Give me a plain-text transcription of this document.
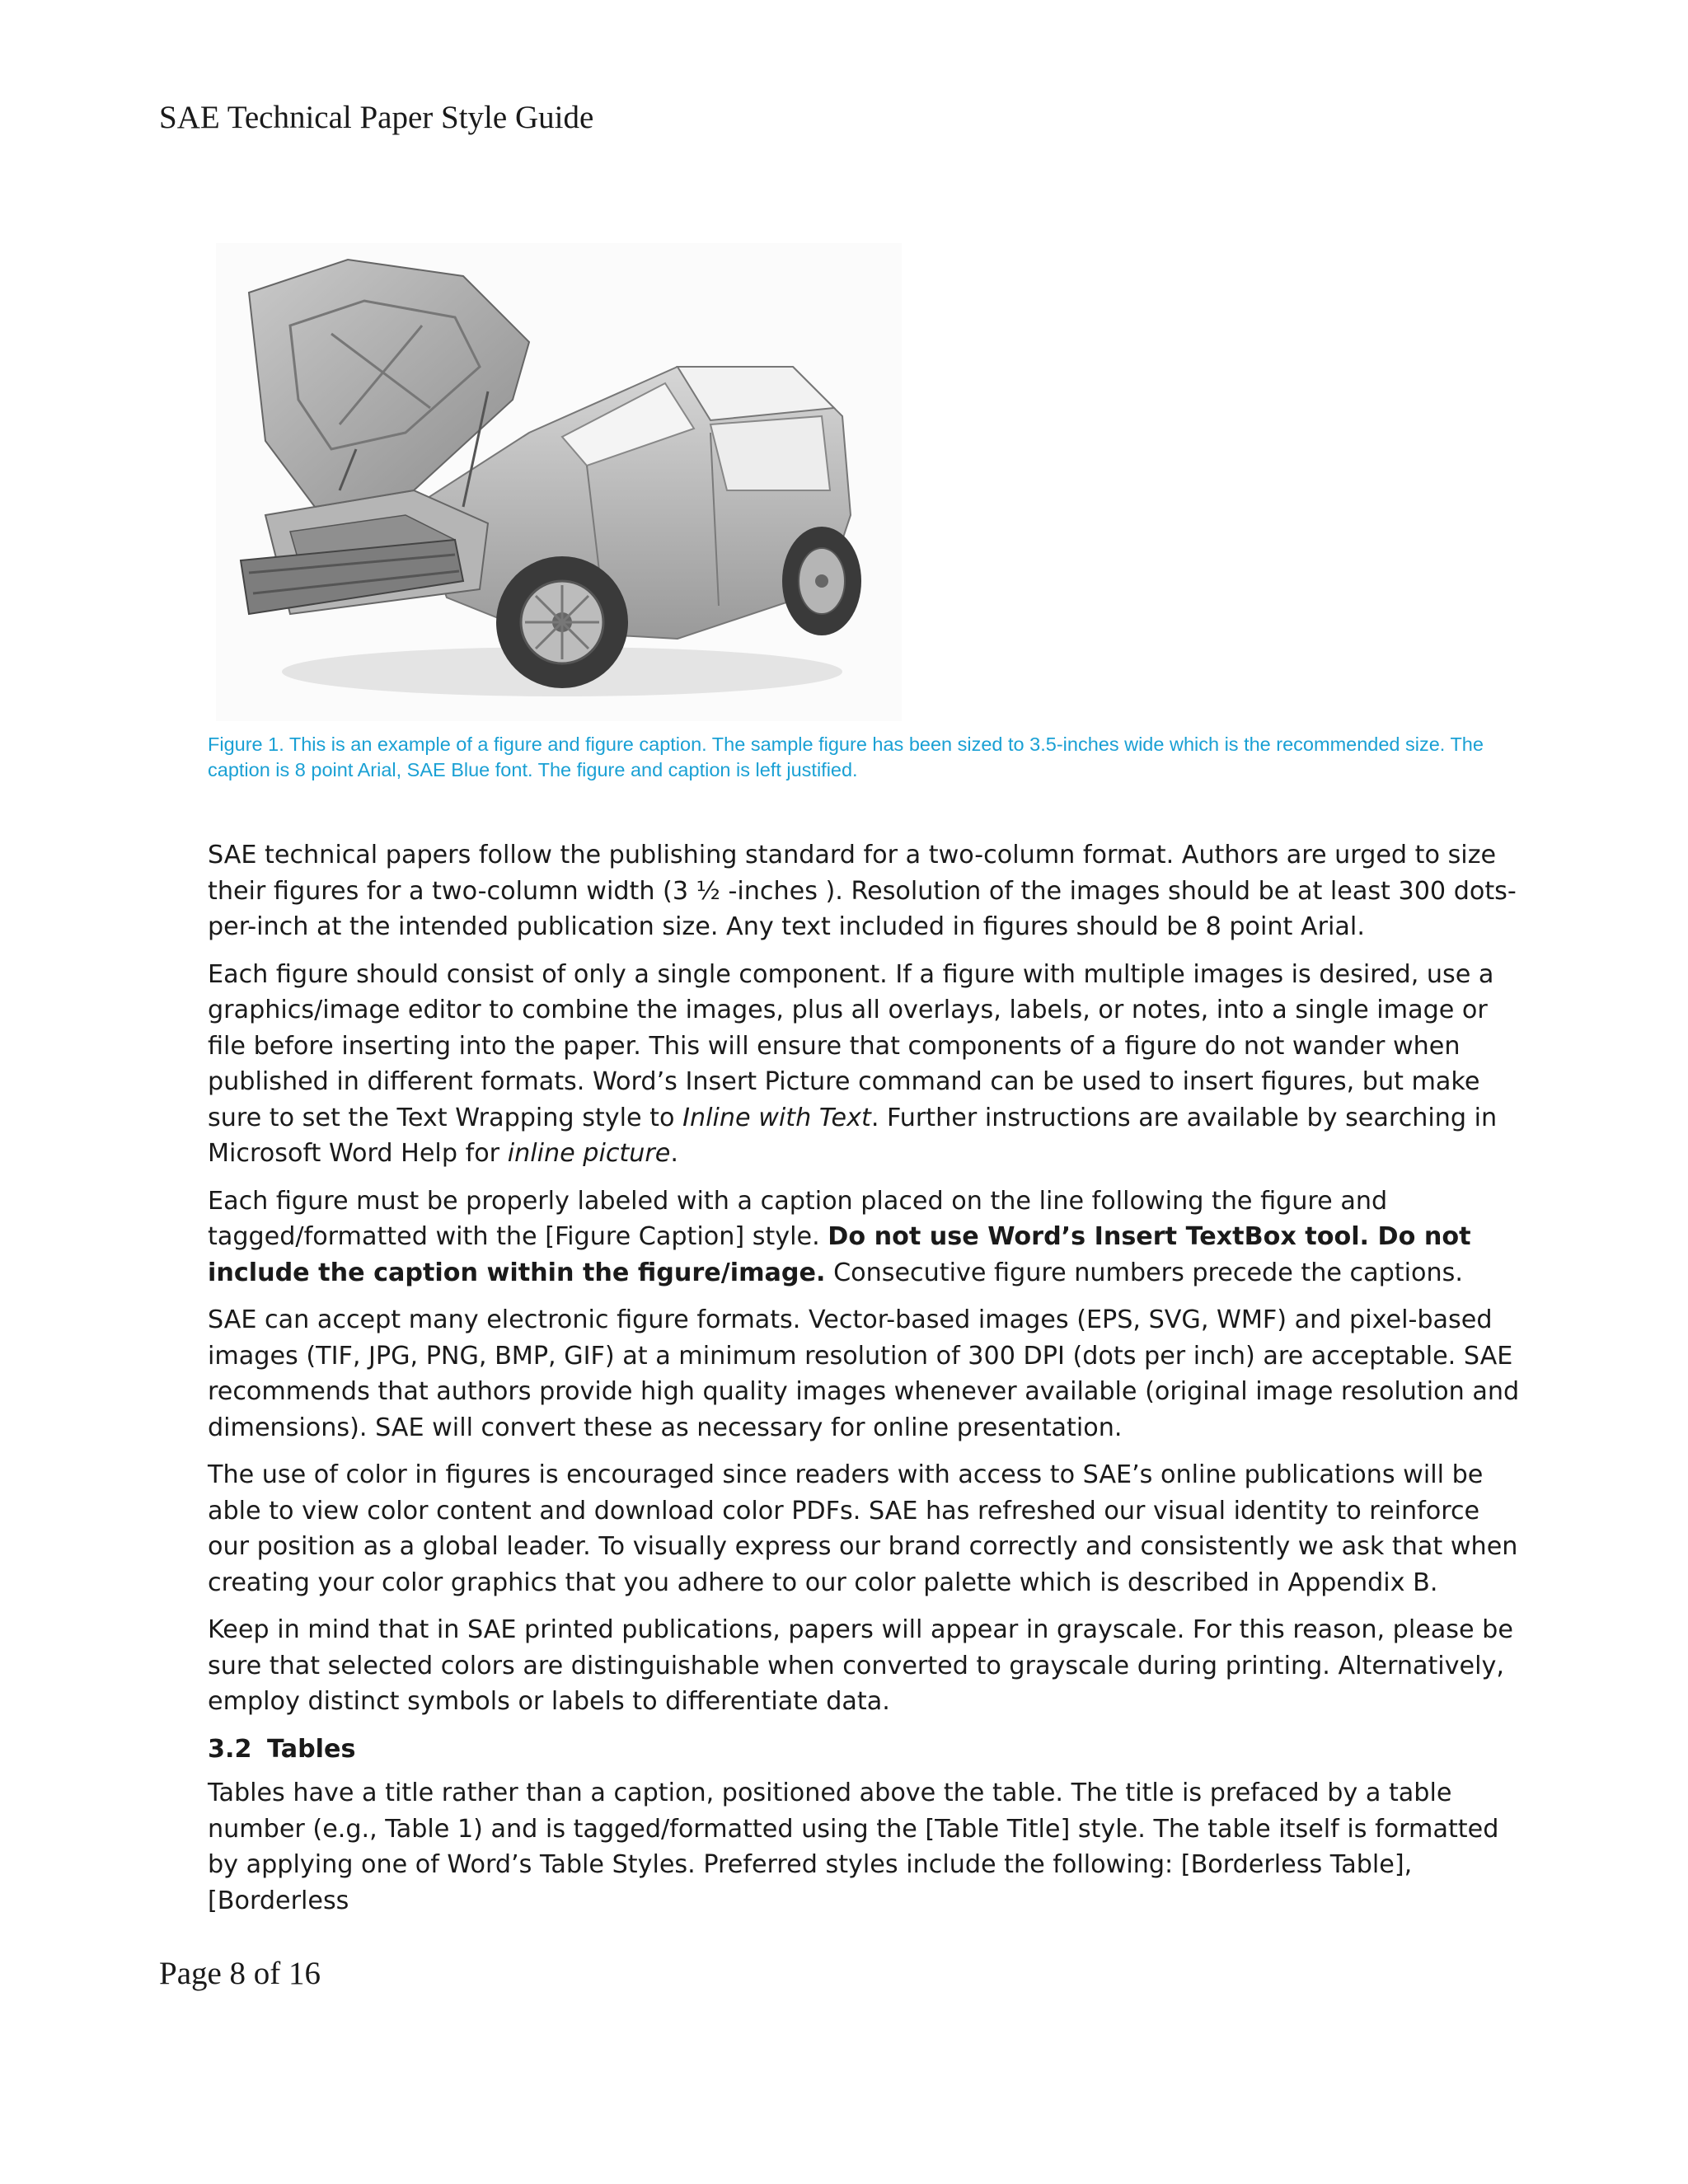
SAE Technical Paper Style Guide
Figure 1. This is an example of a figure and figure caption. The sample figure has been sized to 3.5-inches wide which is the recommended size. The caption is 8 point Arial, SAE Blue font. The figure and caption is left justified.

SAE technical papers follow the publishing standard for a two-column format. Authors are urged to size their figures for a two-column width (3 ½ -inches ). Resolution of the images should be at least 300 dots-per-inch at the intended publication size. Any text included in figures should be 8 point Arial.

Each figure should consist of only a single component. If a figure with multiple images is desired, use a graphics/image editor to combine the images, plus all overlays, labels, or notes, into a single image or file before inserting into the paper. This will ensure that components of a figure do not wander when published in different formats. Word’s Insert Picture command can be used to insert figures, but make sure to set the Text Wrapping style to Inline with Text. Further instructions are available by searching in Microsoft Word Help for inline picture.

Each figure must be properly labeled with a caption placed on the line following the figure and tagged/formatted with the [Figure Caption] style. Do not use Word’s Insert TextBox tool. Do not include the caption within the figure/image. Consecutive figure numbers precede the captions.

SAE can accept many electronic figure formats. Vector-based images (EPS, SVG, WMF) and pixel-based images (TIF, JPG, PNG, BMP, GIF) at a minimum resolution of 300 DPI (dots per inch) are acceptable. SAE recommends that authors provide high quality images whenever available (original image resolution and dimensions). SAE will convert these as necessary for online presentation.

The use of color in figures is encouraged since readers with access to SAE’s online publications will be able to view color content and download color PDFs. SAE has refreshed our visual identity to reinforce our position as a global leader. To visually express our brand correctly and consistently we ask that when creating your color graphics that you adhere to our color palette which is described in Appendix B.

Keep in mind that in SAE printed publications, papers will appear in grayscale. For this reason, please be sure that selected colors are distinguishable when converted to grayscale during printing. Alternatively, employ distinct symbols or labels to differentiate data.

3.2 Tables

Tables have a title rather than a caption, positioned above the table. The title is prefaced by a table number (e.g., Table 1) and is tagged/formatted using the [Table Title] style. The table itself is formatted by applying one of Word’s Table Styles. Preferred styles include the following: [Borderless Table], [Borderless

Page 8 of 16
